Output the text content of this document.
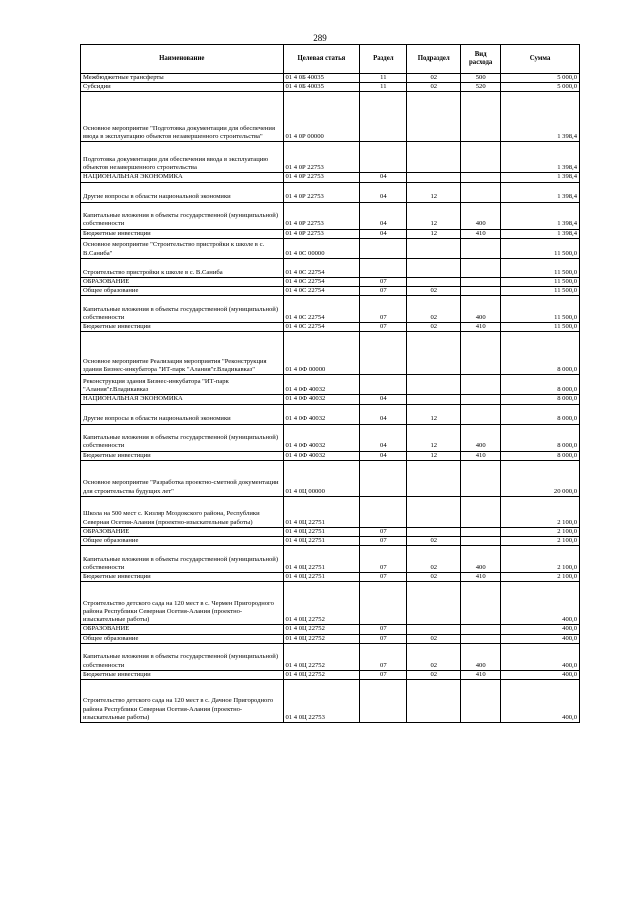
289
Наименование	Целевая статья	Раздел	Подраздел	Вид расхода	Сумма
Межбюджетные трансферты	01 4 0Б 40035	11	02	500	5 000,0
Субсидии	01 4 0Б 40035	11	02	520	5 000,0
Основное мероприятие "Подготовка документации для обеспечения ввода в эксплуатацию объектов незавершенного строительства"	01 4 0Р 00000				1 398,4
Подготовка документации для обеспечения ввода в эксплуатацию объектов незавершенного строительства	01 4 0Р 22753				1 398,4
НАЦИОНАЛЬНАЯ ЭКОНОМИКА	01 4 0Р 22753	04			1 398,4
Другие вопросы в области национальной экономики	01 4 0Р 22753	04	12		1 398,4
Капитальные вложения в объекты государственной (муниципальной) собственности	01 4 0Р 22753	04	12	400	1 398,4
Бюджетные инвестиции	01 4 0Р 22753	04	12	410	1 398,4
Основное мероприятие "Строительство пристройки к школе в с. В.Саниба"	01 4 0С 00000				11 500,0
Строительство пристройки к школе в с. В.Саниба	01 4 0С 22754				11 500,0
ОБРАЗОВАНИЕ	01 4 0С 22754	07			11 500,0
Общее образование	01 4 0С 22754	07	02		11 500,0
Капитальные вложения в объекты государственной (муниципальной) собственности	01 4 0С 22754	07	02	400	11 500,0
Бюджетные инвестиции	01 4 0С 22754	07	02	410	11 500,0
Основное мероприятие Реализация мероприятия "Реконструкция здания Бизнес-инкубатора "ИТ-парк "Алания"г.Владикавказ"	01 4 0Ф 00000				8 000,0
Реконструкция здания Бизнес-инкубатора "ИТ-парк "Алания"г.Владикавказ	01 4 0Ф 40032				8 000,0
НАЦИОНАЛЬНАЯ ЭКОНОМИКА	01 4 0Ф 40032	04			8 000,0
Другие вопросы в области национальной экономики	01 4 0Ф 40032	04	12		8 000,0
Капитальные вложения в объекты государственной (муниципальной) собственности	01 4 0Ф 40032	04	12	400	8 000,0
Бюджетные инвестиции	01 4 0Ф 40032	04	12	410	8 000,0
Основное мероприятие "Разработка проектно-сметной документации для строительства будущих лет"	01 4 0Ц 00000				20 000,0
Школа на 500 мест с. Кизляр Моздокского района, Республики Северная Осетия-Алания (проектно-изыскательные работы)	01 4 0Ц 22751				2 100,0
ОБРАЗОВАНИЕ	01 4 0Ц 22751	07			2 100,0
Общее образование	01 4 0Ц 22751	07	02		2 100,0
Капитальные вложения в объекты государственной (муниципальной) собственности	01 4 0Ц 22751	07	02	400	2 100,0
Бюджетные инвестиции	01 4 0Ц 22751	07	02	410	2 100,0
Строительство детского сада на 120 мест в с. Чермен Пригородного района Республики Северная Осетия-Алания (проектно-изыскательные работы)	01 4 0Ц 22752				400,0
ОБРАЗОВАНИЕ	01 4 0Ц 22752	07			400,0
Общее образование	01 4 0Ц 22752	07	02		400,0
Капитальные вложения в объекты государственной (муниципальной) собственности	01 4 0Ц 22752	07	02	400	400,0
Бюджетные инвестиции	01 4 0Ц 22752	07	02	410	400,0
Строительство детского сада на 120 мест в с. Дачное Пригородного района Республики Северная Осетия-Алания (проектно-изыскательные работы)	01 4 0Ц 22753				400,0
